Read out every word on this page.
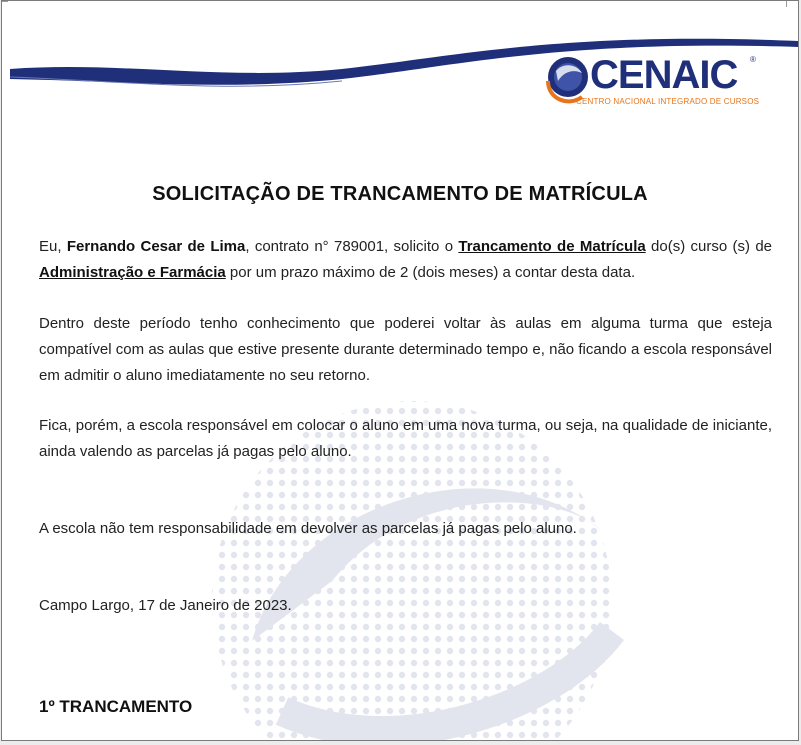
CENAIC ®
CENTRO NACIONAL INTEGRADO DE CURSOS
SOLICITAÇÃO DE TRANCAMENTO DE MATRÍCULA
Eu, Fernando Cesar de Lima, contrato n° 789001, solicito o Trancamento de Matrícula do(s) curso (s) de Administração e Farmácia por um prazo máximo de 2 (dois meses) a contar desta data.
Dentro deste período tenho conhecimento que poderei voltar às aulas em alguma turma que esteja compatível com as aulas que estive presente durante determinado tempo e, não ficando a escola responsável em admitir o aluno imediatamente no seu retorno.
Fica, porém, a escola responsável em colocar o aluno em uma nova turma, ou seja, na qualidade de iniciante, ainda valendo as parcelas já pagas pelo aluno.
A escola não tem responsabilidade em devolver as parcelas já pagas pelo aluno.
Campo Largo, 17 de Janeiro de 2023.
1º TRANCAMENTO
